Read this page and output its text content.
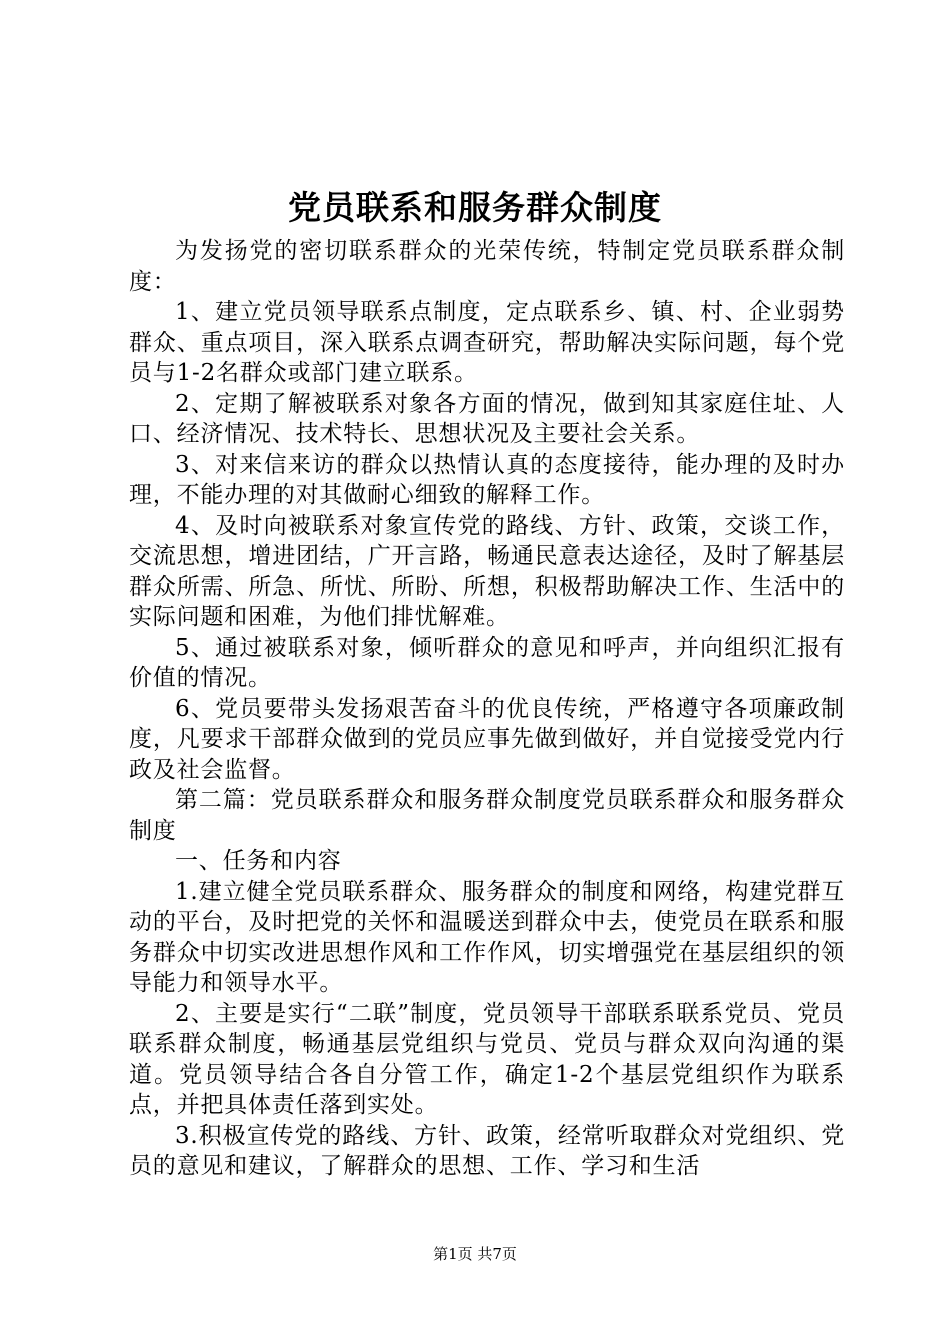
党员联系和服务群众制度

为发扬党的密切联系群众的光荣传统，特制定党员联系群众制度：

1、建立党员领导联系点制度，定点联系乡、镇、村、企业弱势群众、重点项目，深入联系点调查研究，帮助解决实际问题，每个党员与1-2名群众或部门建立联系。

2、定期了解被联系对象各方面的情况，做到知其家庭住址、人口、经济情况、技术特长、思想状况及主要社会关系。

3、对来信来访的群众以热情认真的态度接待，能办理的及时办理，不能办理的对其做耐心细致的解释工作。

4、及时向被联系对象宣传党的路线、方针、政策，交谈工作，交流思想，增进团结，广开言路，畅通民意表达途径，及时了解基层群众所需、所急、所忧、所盼、所想，积极帮助解决工作、生活中的实际问题和困难，为他们排忧解难。

5、通过被联系对象，倾听群众的意见和呼声，并向组织汇报有价值的情况。

6、党员要带头发扬艰苦奋斗的优良传统，严格遵守各项廉政制度，凡要求干部群众做到的党员应事先做到做好，并自觉接受党内行政及社会监督。

第二篇：党员联系群众和服务群众制度党员联系群众和服务群众制度

一、任务和内容

1.建立健全党员联系群众、服务群众的制度和网络，构建党群互动的平台，及时把党的关怀和温暖送到群众中去，使党员在联系和服务群众中切实改进思想作风和工作作风，切实增强党在基层组织的领导能力和领导水平。

2、主要是实行“二联”制度，党员领导干部联系联系党员、党员联系群众制度，畅通基层党组织与党员、党员与群众双向沟通的渠道。党员领导结合各自分管工作，确定1-2个基层党组织作为联系点，并把具体责任落到实处。

3.积极宣传党的路线、方针、政策，经常听取群众对党组织、党员的意见和建议，了解群众的思想、工作、学习和生活

第1页 共7页
